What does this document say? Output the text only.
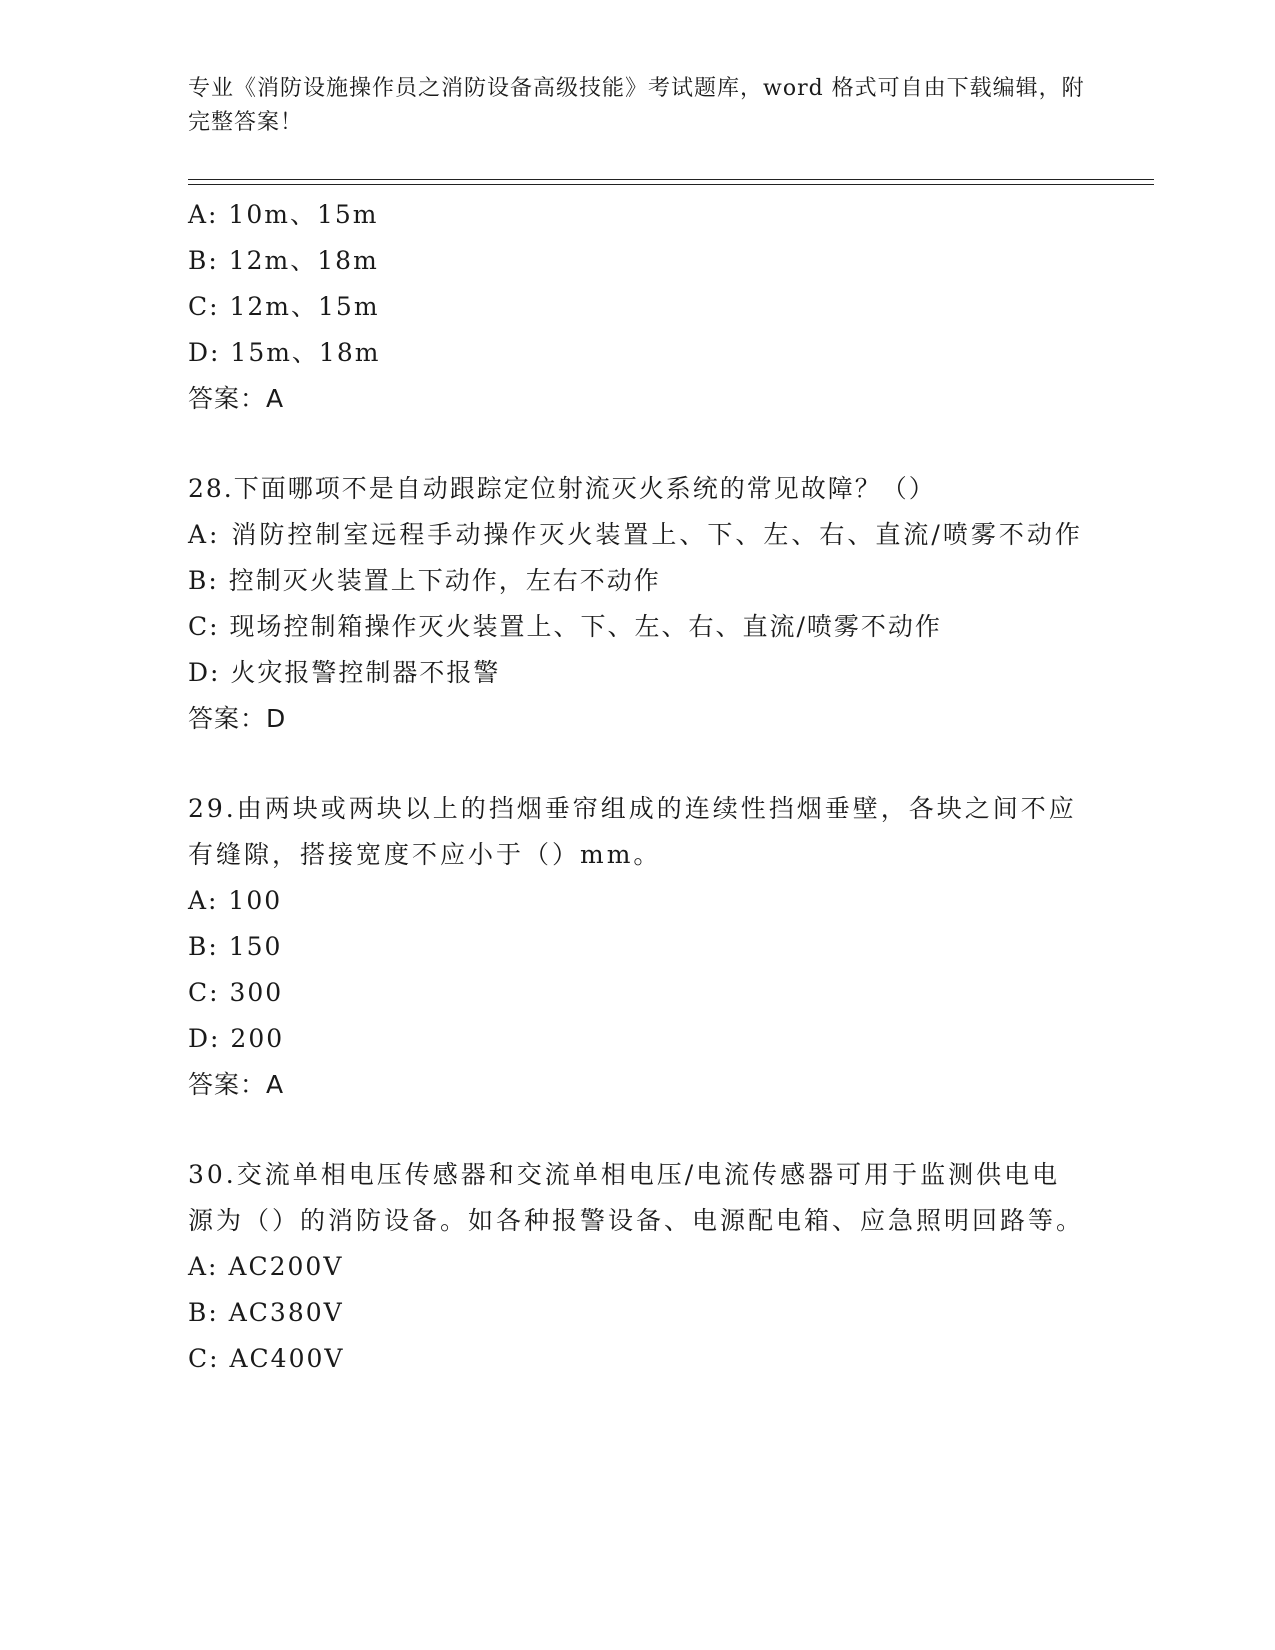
专业《消防设施操作员之消防设备高级技能》考试题库，word 格式可自由下载编辑，附完整答案！
A: 10m、15m
B: 12m、18m
C: 12m、15m
D: 15m、18m
答案：A
28.下面哪项不是自动跟踪定位射流灭火系统的常见故障？（）
A: 消防控制室远程手动操作灭火装置上、下、左、右、直流/喷雾不动作
B: 控制灭火装置上下动作，左右不动作
C: 现场控制箱操作灭火装置上、下、左、右、直流/喷雾不动作
D: 火灾报警控制器不报警
答案：D
29.由两块或两块以上的挡烟垂帘组成的连续性挡烟垂壁，各块之间不应有缝隙，搭接宽度不应小于（）mm。
A: 100
B: 150
C: 300
D: 200
答案：A
30.交流单相电压传感器和交流单相电压/电流传感器可用于监测供电电源为（）的消防设备。如各种报警设备、电源配电箱、应急照明回路等。
A: AC200V
B: AC380V
C: AC400V
